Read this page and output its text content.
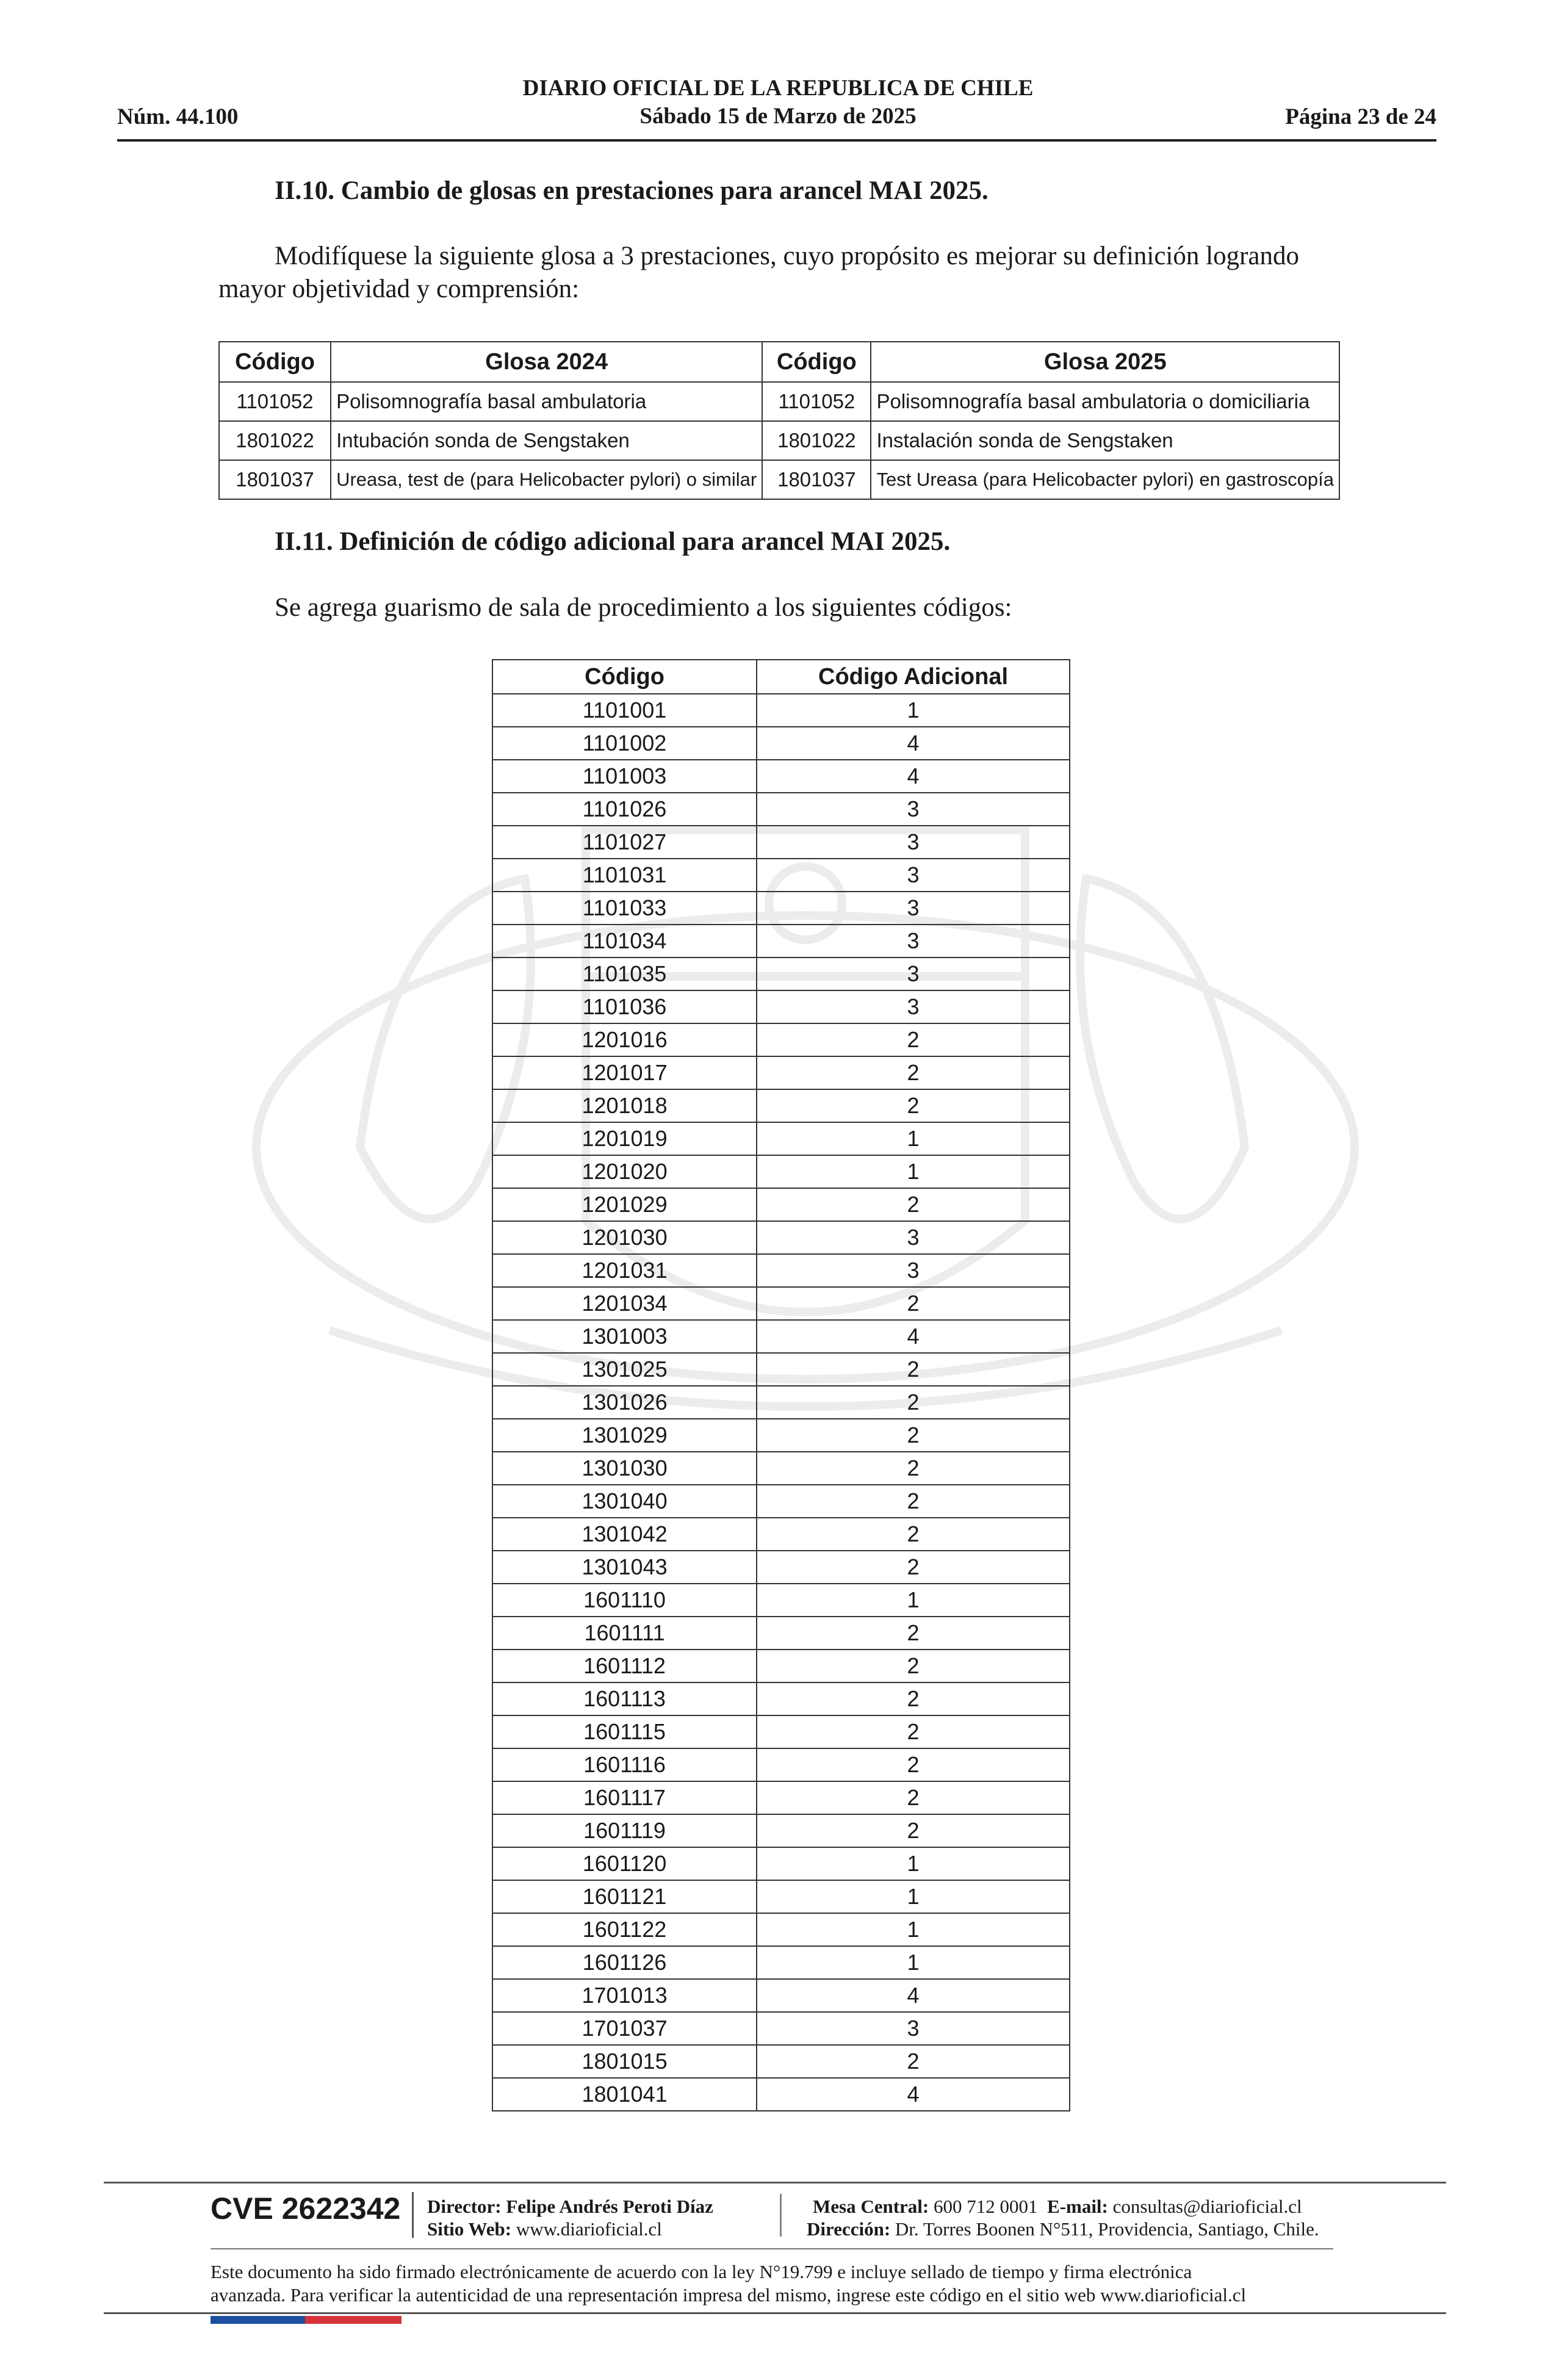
DIARIO OFICIAL DE LA REPUBLICA DE CHILE
Sábado 15 de Marzo de 2025
Núm. 44.100	Página 23 de 24
II.10. Cambio de glosas en prestaciones para arancel MAI 2025.
Modifíquese la siguiente glosa a 3 prestaciones, cuyo propósito es mejorar su definición logrando
mayor objetividad y comprensión:
Código	Glosa 2024	Código	Glosa 2025
1101052	Polisomnografía basal ambulatoria	1101052	Polisomnografía basal ambulatoria o domiciliaria
1801022	Intubación sonda de Sengstaken	1801022	Instalación sonda de Sengstaken
1801037	Ureasa, test de (para Helicobacter pylori) o similar	1801037	Test Ureasa (para Helicobacter pylori) en gastroscopía
II.11. Definición de código adicional para arancel MAI 2025.
Se agrega guarismo de sala de procedimiento a los siguientes códigos:
Código	Código Adicional
1101001	1
1101002	4
1101003	4
1101026	3
1101027	3
1101031	3
1101033	3
1101034	3
1101035	3
1101036	3
1201016	2
1201017	2
1201018	2
1201019	1
1201020	1
1201029	2
1201030	3
1201031	3
1201034	2
1301003	4
1301025	2
1301026	2
1301029	2
1301030	2
1301040	2
1301042	2
1301043	2
1601110	1
1601111	2
1601112	2
1601113	2
1601115	2
1601116	2
1601117	2
1601119	2
1601120	1
1601121	1
1601122	1
1601126	1
1701013	4
1701037	3
1801015	2
1801041	4
CVE 2622342 Director: Felipe Andrés Peroti Díaz
Sitio Web: www.diarioficial.cl
Mesa Central: 600 712 0001 E-mail: consultas@diarioficial.cl
Dirección: Dr. Torres Boonen N°511, Providencia, Santiago, Chile.
Este documento ha sido firmado electrónicamente de acuerdo con la ley N°19.799 e incluye sellado de tiempo y firma electrónica
avanzada. Para verificar la autenticidad de una representación impresa del mismo, ingrese este código en el sitio web www.diarioficial.cl
